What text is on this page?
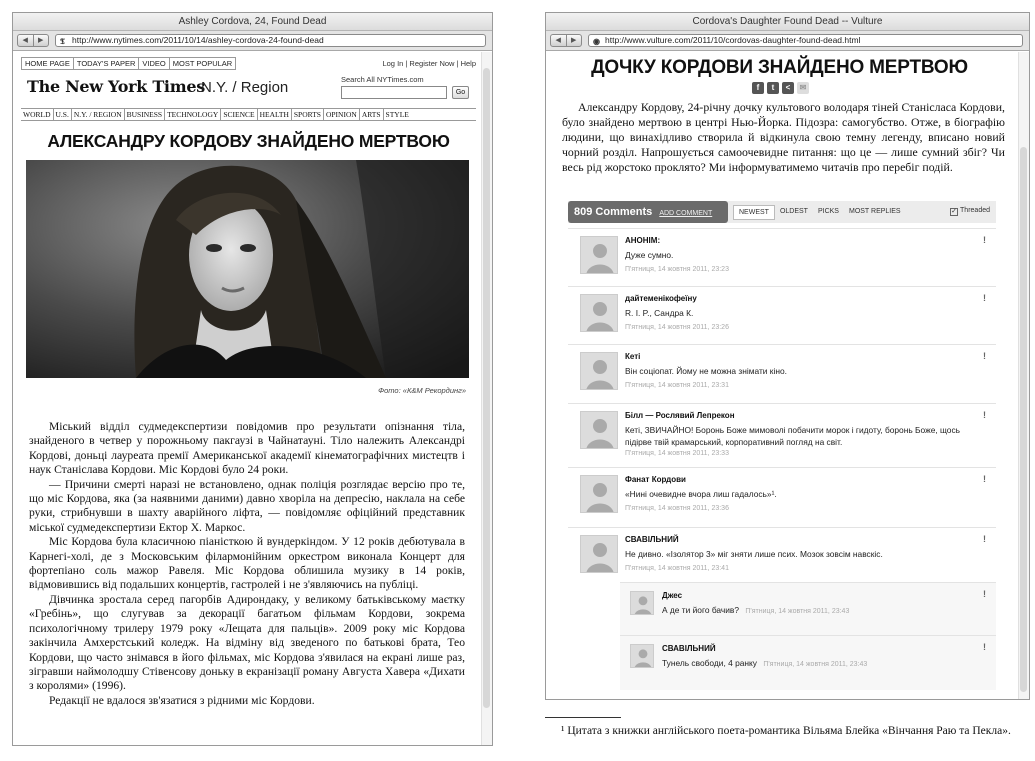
Ashley Cordova, 24, Found Dead
◀	▶	𝕿 http://www.nytimes.com/2011/10/14/ashley-cordova-24-found-dead
HOME PAGE TODAY'S PAPER VIDEO MOST POPULAR	Log In | Register Now | Help
The New York Times
N.Y. / Region	Search All NYTimes.com
Go
WORLD U.S. N.Y. / REGION BUSINESS TECHNOLOGY SCIENCE HEALTH SPORTS OPINION ARTS STYLE
АЛЕКСАНДРУ КОРДОВУ ЗНАЙДЕНО МЕРТВОЮ
Фото: «К&М Рекординг»

Міський відділ судмедекспертизи повідомив про результати опізнання тіла, знайденого в четвер у порожньому пакгаузі в Чайнатауні. Тіло належить Александрі Кордові, доньці лауреата премії Американської академії кінематографічних мистецтв і наук Станіславa Кордови. Міс Кордові було 24 роки.

— Причини смерті наразі не встановлено, однак поліція розглядає версію про те, що міс Кордова, яка (за наявними даними) давно хворіла на депресію, наклала на себе руки, стрибнувши в шахту аварійного ліфта, — повідомляє офіційний представник міської судмедекспертизи Ектор Х. Маркос.

Міс Кордова була класичною піаністкою й вундеркіндом. У 12 років дебютувала в Карнегі-холі, де з Московським філармонійним оркестром виконала Концерт для фортепіано соль мажор Равеля. Міс Кордова облишила музику в 14 років, відмовившись від подальших концертів, гастролей і не з'являючись на публіці.

Дівчинка зростала серед пагорбів Адирондаку, у великому батьківському маєтку «Гребінь», що слугував за декорації багатьом фільмам Кордови, зокрема психологічному трилеру 1979 року «Лещата для пальців». 2009 року міс Кордова закінчила Амхерстський коледж. На відміну від зведеного по батькові брата, Тео Кордови, що часто знімався в його фільмах, міс Кордова з'явилася на екрані лише раз, зігравши наймолодшу Стівенсову доньку в екранізації роману Августа Хавера «Дихати з королями» (1996).

Редакції не вдалося зв'язатися з рідними міс Кордови.

Cordova's Daughter Found Dead -- Vulture
◀	▶	◉ http://www.vulture.com/2011/10/cordovas-daughter-found-dead.html
ДОЧКУ КОРДОВИ ЗНАЙДЕНО МЕРТВОЮ
f	t	<	✉

Александру Кордову, 24-річну дочку культового володаря тіней Станіслаcа Кордови, було знайдено мертвою в центрі Нью-Йорка. Підозра: самогубство. Отже, в біографію людини, що винахідливо створила й відкинула свою темну легенду, вписано новий чорний розділ. Напрошується самоочевидне питання: що це — лише сумний збіг? Чи весь рід жорстоко проклято? Ми інформуватимемо читачів про перебіг подій.

809 Comments ADD COMMENT	NEWEST	OLDEST	PICKS	MOST REPLIES	✓ Threaded
АНОНІМ:
Дуже сумно.
П'ятниця, 14 жовтня 2011, 23:23
!
дайтеменікофеїну
R. I. P., Сандра К.
П'ятниця, 14 жовтня 2011, 23:26
!
Кеті
Він соціопат. Йому не можна знімати кіно.
П'ятниця, 14 жовтня 2011, 23:31
!
Білл — Рослявий Лепрекон
Кеті, ЗВИЧАЙНО! Боронь Боже мимоволі побачити морок і гидоту, боронь Боже, щось підірве твій крамарський, корпоративний погляд на світ.
П'ятниця, 14 жовтня 2011, 23:33
!
Фанат Кордови
«Нині очевидне вчора лиш гадалось»¹.
П'ятниця, 14 жовтня 2011, 23:36
!
СВАВІЛЬНИЙ
Не дивно. «Ізолятор 3» міг зняти лише псих. Мозок зовсім навскіс.
П'ятниця, 14 жовтня 2011, 23:41
!
Джес
А де ти його бачив? П'ятниця, 14 жовтня 2011, 23:43
!
СВАВІЛЬНИЙ
Тунель свободи, 4 ранку П'ятниця, 14 жовтня 2011, 23:43
!
¹ Цитата з книжки англійського поета-романтика Вільяма Блейка «Вінчання Раю та Пекла».
